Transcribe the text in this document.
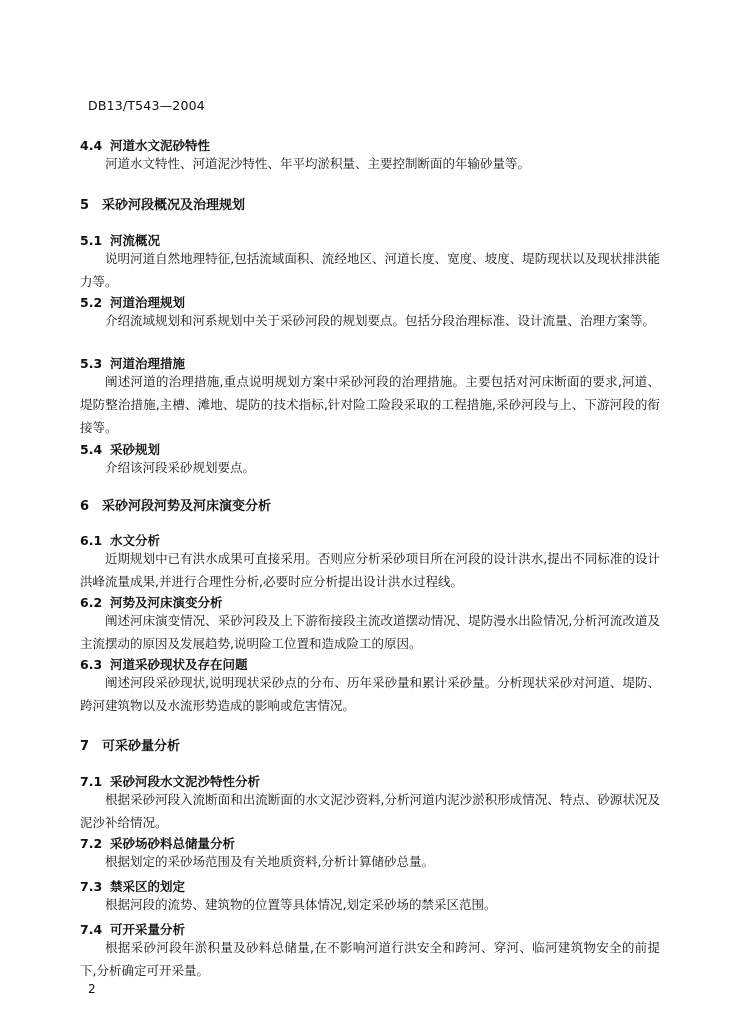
DB13/T543—2004
4.4 河道水文泥砂特性
河道水文特性、河道泥沙特性、年平均淤积量、主要控制断面的年输砂量等。
5 采砂河段概况及治理规划
5.1 河流概况
说明河道自然地理特征,包括流域面积、流经地区、河道长度、宽度、坡度、堤防现状以及现状排洪能力等。
5.2 河道治理规划
介绍流域规划和河系规划中关于采砂河段的规划要点。包括分段治理标准、设计流量、治理方案等。
5.3 河道治理措施
阐述河道的治理措施,重点说明规划方案中采砂河段的治理措施。主要包括对河床断面的要求,河道、堤防整治措施,主槽、滩地、堤防的技术指标,针对险工险段采取的工程措施,采砂河段与上、下游河段的衔接等。
5.4 采砂规划
介绍该河段采砂规划要点。
6 采砂河段河势及河床演变分析
6.1 水文分析
近期规划中已有洪水成果可直接采用。否则应分析采砂项目所在河段的设计洪水,提出不同标准的设计洪峰流量成果,并进行合理性分析,必要时应分析提出设计洪水过程线。
6.2 河势及河床演变分析
阐述河床演变情况、采砂河段及上下游衔接段主流改道摆动情况、堤防漫水出险情况,分析河流改道及主流摆动的原因及发展趋势,说明险工位置和造成险工的原因。
6.3 河道采砂现状及存在问题
阐述河段采砂现状,说明现状采砂点的分布、历年采砂量和累计采砂量。分析现状采砂对河道、堤防、跨河建筑物以及水流形势造成的影响或危害情况。
7 可采砂量分析
7.1 采砂河段水文泥沙特性分析
根据采砂河段入流断面和出流断面的水文泥沙资料,分析河道内泥沙淤积形成情况、特点、砂源状况及泥沙补给情况。
7.2 采砂场砂料总储量分析
根据划定的采砂场范围及有关地质资料,分析计算储砂总量。
7.3 禁采区的划定
根据河段的流势、建筑物的位置等具体情况,划定采砂场的禁采区范围。
7.4 可开采量分析
根据采砂河段年淤积量及砂料总储量,在不影响河道行洪安全和跨河、穿河、临河建筑物安全的前提下,分析确定可开采量。
2
